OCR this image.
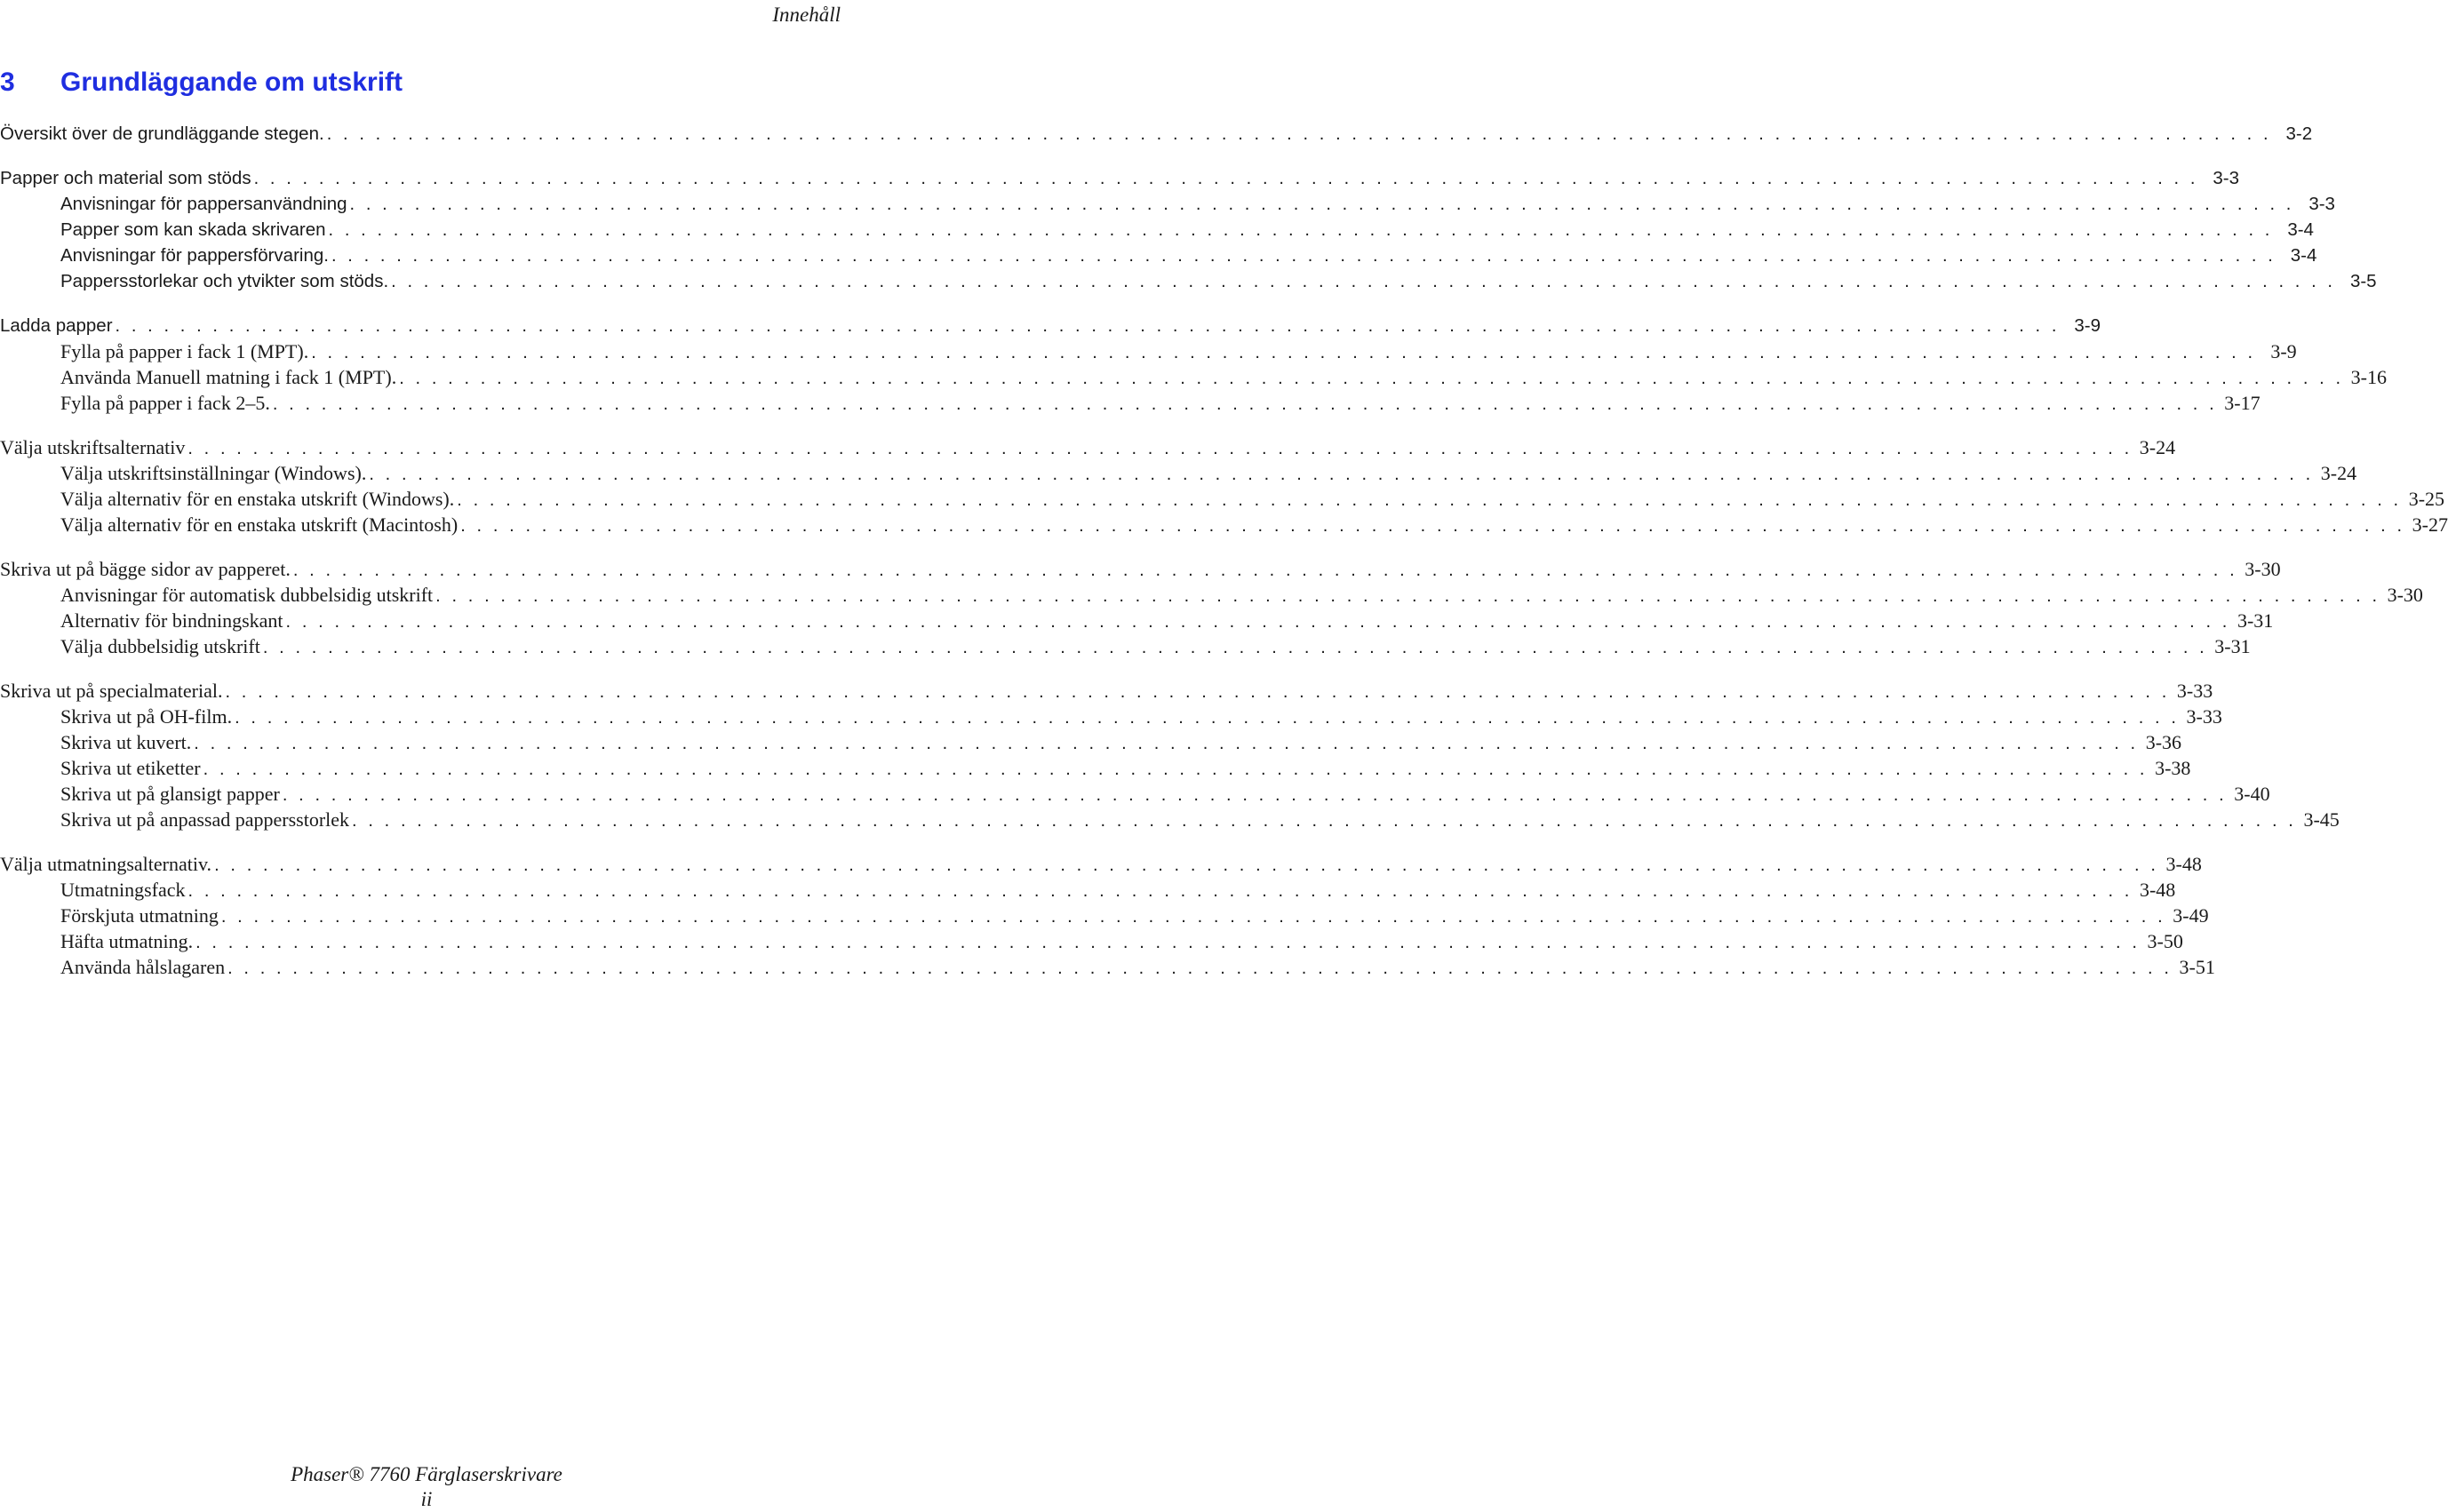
Innehåll
3 Grundläggande om utskrift
Översikt över de grundläggande stegen. . . . . . . . . . . . . . . . . . . . . . . . . . . . . . . . . . . . . . . . . . . . . . . . . . . . . . . . . . . . . . . . . . . . . . . . . . . . . . . . . . . . . . . . . . . . . . . . . . . . . . . . . . . . . . . . . . . . . . . . . 3-2
Papper och material som stöds . . . . . . . . . . . . . . . . . . . . . . . . . . . . . . . . . . . . . . . . . . . . . . . . . . . . . . . . . . . . . . . . . . . . . . . . . . . . . . . . . . . . . . . . . . . . . . . . . . . . . . . . . . . . . . . . . . . . . . . . 3-3
Anvisningar för pappersanvändning . . . . . . . . . . . . . . . . . . . . . . . . . . . . . . . . . . . . . . . . . . . . . . . . . . . . . . . . . . . . . . . . . . . . . . . . . . . . . . . . . . . . . . . . . . . . . . . . . . . . . . . . . . . . . . . . . . . . . . . . 3-3
Papper som kan skada skrivaren . . . . . . . . . . . . . . . . . . . . . . . . . . . . . . . . . . . . . . . . . . . . . . . . . . . . . . . . . . . . . . . . . . . . . . . . . . . . . . . . . . . . . . . . . . . . . . . . . . . . . . . . . . . . . . . . . . . . . . . . 3-4
Anvisningar för pappersförvaring. . . . . . . . . . . . . . . . . . . . . . . . . . . . . . . . . . . . . . . . . . . . . . . . . . . . . . . . . . . . . . . . . . . . . . . . . . . . . . . . . . . . . . . . . . . . . . . . . . . . . . . . . . . . . . . . . . . . . . . . . 3-4
Pappersstorlekar och ytvikter som stöds. . . . . . . . . . . . . . . . . . . . . . . . . . . . . . . . . . . . . . . . . . . . . . . . . . . . . . . . . . . . . . . . . . . . . . . . . . . . . . . . . . . . . . . . . . . . . . . . . . . . . . . . . . . . . . . . . . . . . . . . . 3-5
Ladda papper . . . . . . . . . . . . . . . . . . . . . . . . . . . . . . . . . . . . . . . . . . . . . . . . . . . . . . . . . . . . . . . . . . . . . . . . . . . . . . . . . . . . . . . . . . . . . . . . . . . . . . . . . . . . . . . . . . . . . . . . 3-9
Fylla på papper i fack 1 (MPT). . . . . . . . . . . . . . . . . . . . . . . . . . . . . . . . . . . . . . . . . . . . . . . . . . . . . . . . . . . . . . . . . . . . . . . . . . . . . . . . . . . . . . . . . . . . . . . . . . . . . . . . . . . . . . . . . . . . . . . . . 3-9
Använda Manuell matning i fack 1 (MPT). . . . . . . . . . . . . . . . . . . . . . . . . . . . . . . . . . . . . . . . . . . . . . . . . . . . . . . . . . . . . . . . . . . . . . . . . . . . . . . . . . . . . . . . . . . . . . . . . . . . . . . . . . . . . . . . . . . . . . . . . 3-16
Fylla på papper i fack 2–5. . . . . . . . . . . . . . . . . . . . . . . . . . . . . . . . . . . . . . . . . . . . . . . . . . . . . . . . . . . . . . . . . . . . . . . . . . . . . . . . . . . . . . . . . . . . . . . . . . . . . . . . . . . . . . . . . . . . . . . . . 3-17
Välja utskriftsalternativ . . . . . . . . . . . . . . . . . . . . . . . . . . . . . . . . . . . . . . . . . . . . . . . . . . . . . . . . . . . . . . . . . . . . . . . . . . . . . . . . . . . . . . . . . . . . . . . . . . . . . . . . . . . . . . . . . . . . . . . . 3-24
Välja utskriftsinställningar (Windows). . . . . . . . . . . . . . . . . . . . . . . . . . . . . . . . . . . . . . . . . . . . . . . . . . . . . . . . . . . . . . . . . . . . . . . . . . . . . . . . . . . . . . . . . . . . . . . . . . . . . . . . . . . . . . . . . . . . . . . . . 3-24
Välja alternativ för en enstaka utskrift (Windows). . . . . . . . . . . . . . . . . . . . . . . . . . . . . . . . . . . . . . . . . . . . . . . . . . . . . . . . . . . . . . . . . . . . . . . . . . . . . . . . . . . . . . . . . . . . . . . . . . . . . . . . . . . . . . . . . . . . . . . . . 3-25
Välja alternativ för en enstaka utskrift (Macintosh) . . . . . . . . . . . . . . . . . . . . . . . . . . . . . . . . . . . . . . . . . . . . . . . . . . . . . . . . . . . . . . . . . . . . . . . . . . . . . . . . . . . . . . . . . . . . . . . . . . . . . . . . . . . . . . . . . . . . . . . . 3-27
Skriva ut på bägge sidor av papperet. . . . . . . . . . . . . . . . . . . . . . . . . . . . . . . . . . . . . . . . . . . . . . . . . . . . . . . . . . . . . . . . . . . . . . . . . . . . . . . . . . . . . . . . . . . . . . . . . . . . . . . . . . . . . . . . . . . . . . . . . 3-30
Anvisningar för automatisk dubbelsidig utskrift . . . . . . . . . . . . . . . . . . . . . . . . . . . . . . . . . . . . . . . . . . . . . . . . . . . . . . . . . . . . . . . . . . . . . . . . . . . . . . . . . . . . . . . . . . . . . . . . . . . . . . . . . . . . . . . . . . . . . . . . 3-30
Alternativ för bindningskant . . . . . . . . . . . . . . . . . . . . . . . . . . . . . . . . . . . . . . . . . . . . . . . . . . . . . . . . . . . . . . . . . . . . . . . . . . . . . . . . . . . . . . . . . . . . . . . . . . . . . . . . . . . . . . . . . . . . . . . . 3-31
Välja dubbelsidig utskrift . . . . . . . . . . . . . . . . . . . . . . . . . . . . . . . . . . . . . . . . . . . . . . . . . . . . . . . . . . . . . . . . . . . . . . . . . . . . . . . . . . . . . . . . . . . . . . . . . . . . . . . . . . . . . . . . . . . . . . . . 3-31
Skriva ut på specialmaterial. . . . . . . . . . . . . . . . . . . . . . . . . . . . . . . . . . . . . . . . . . . . . . . . . . . . . . . . . . . . . . . . . . . . . . . . . . . . . . . . . . . . . . . . . . . . . . . . . . . . . . . . . . . . . . . . . . . . . . . . . 3-33
Skriva ut på OH-film. . . . . . . . . . . . . . . . . . . . . . . . . . . . . . . . . . . . . . . . . . . . . . . . . . . . . . . . . . . . . . . . . . . . . . . . . . . . . . . . . . . . . . . . . . . . . . . . . . . . . . . . . . . . . . . . . . . . . . . . . 3-33
Skriva ut kuvert. . . . . . . . . . . . . . . . . . . . . . . . . . . . . . . . . . . . . . . . . . . . . . . . . . . . . . . . . . . . . . . . . . . . . . . . . . . . . . . . . . . . . . . . . . . . . . . . . . . . . . . . . . . . . . . . . . . . . . . . . 3-36
Skriva ut etiketter . . . . . . . . . . . . . . . . . . . . . . . . . . . . . . . . . . . . . . . . . . . . . . . . . . . . . . . . . . . . . . . . . . . . . . . . . . . . . . . . . . . . . . . . . . . . . . . . . . . . . . . . . . . . . . . . . . . . . . . . 3-38
Skriva ut på glansigt papper . . . . . . . . . . . . . . . . . . . . . . . . . . . . . . . . . . . . . . . . . . . . . . . . . . . . . . . . . . . . . . . . . . . . . . . . . . . . . . . . . . . . . . . . . . . . . . . . . . . . . . . . . . . . . . . . . . . . . . . . 3-40
Skriva ut på anpassad pappersstorlek . . . . . . . . . . . . . . . . . . . . . . . . . . . . . . . . . . . . . . . . . . . . . . . . . . . . . . . . . . . . . . . . . . . . . . . . . . . . . . . . . . . . . . . . . . . . . . . . . . . . . . . . . . . . . . . . . . . . . . . . 3-45
Välja utmatningsalternativ. . . . . . . . . . . . . . . . . . . . . . . . . . . . . . . . . . . . . . . . . . . . . . . . . . . . . . . . . . . . . . . . . . . . . . . . . . . . . . . . . . . . . . . . . . . . . . . . . . . . . . . . . . . . . . . . . . . . . . . . . 3-48
Utmatningsfack . . . . . . . . . . . . . . . . . . . . . . . . . . . . . . . . . . . . . . . . . . . . . . . . . . . . . . . . . . . . . . . . . . . . . . . . . . . . . . . . . . . . . . . . . . . . . . . . . . . . . . . . . . . . . . . . . . . . . . . . 3-48
Förskjuta utmatning . . . . . . . . . . . . . . . . . . . . . . . . . . . . . . . . . . . . . . . . . . . . . . . . . . . . . . . . . . . . . . . . . . . . . . . . . . . . . . . . . . . . . . . . . . . . . . . . . . . . . . . . . . . . . . . . . . . . . . . . 3-49
Häfta utmatning. . . . . . . . . . . . . . . . . . . . . . . . . . . . . . . . . . . . . . . . . . . . . . . . . . . . . . . . . . . . . . . . . . . . . . . . . . . . . . . . . . . . . . . . . . . . . . . . . . . . . . . . . . . . . . . . . . . . . . . . . 3-50
Använda hålslagaren . . . . . . . . . . . . . . . . . . . . . . . . . . . . . . . . . . . . . . . . . . . . . . . . . . . . . . . . . . . . . . . . . . . . . . . . . . . . . . . . . . . . . . . . . . . . . . . . . . . . . . . . . . . . . . . . . . . . . . . . 3-51
Phaser® 7760 Färglaserskrivare
ii
